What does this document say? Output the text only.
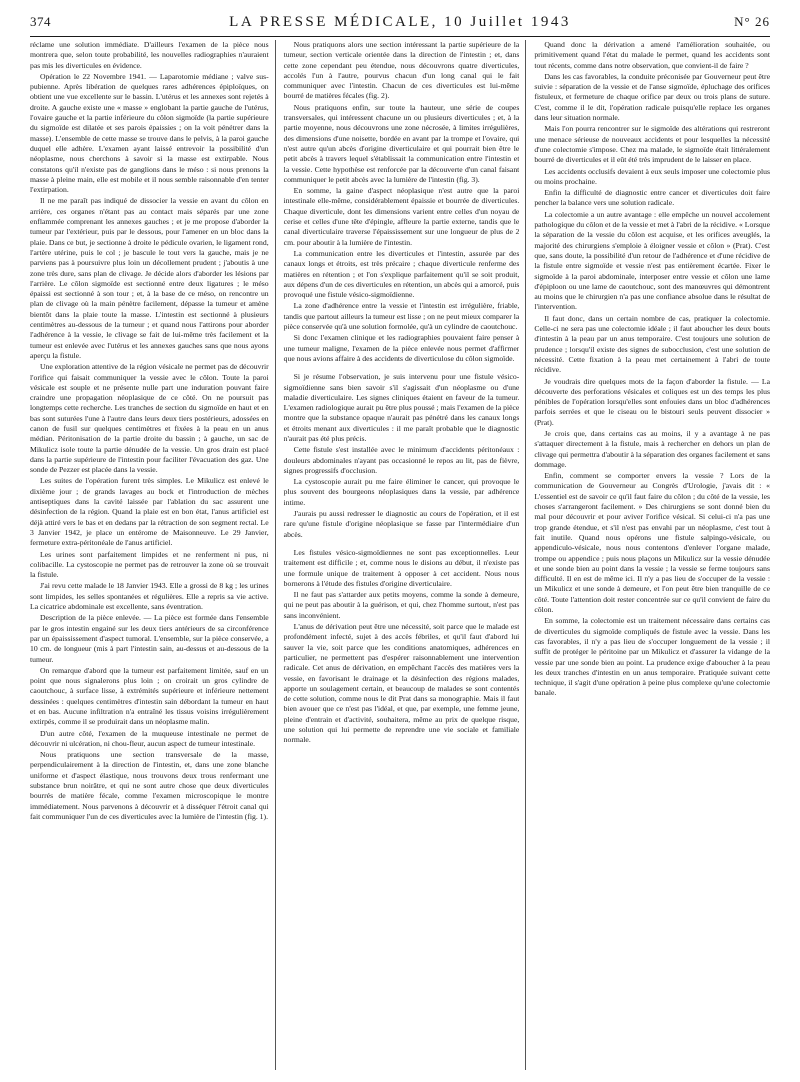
374	LA PRESSE MÉDICALE, 10 Juillet 1943	N° 26

réclame une solution immédiate. D'ailleurs l'examen de la pièce nous montrera que, selon toute probabilité, les nouvelles radiographies n'auraient pas mis les diverticules en évidence.

Opération le 22 Novembre 1941. — Laparotomie médiane ; valve sus-pubienne. Après libération de quelques rares adhérences épiploïques, on obtient une vue excellente sur le bassin. L'utérus et les annexes sont rejetés à droite. A gauche existe une « masse » englobant la partie gauche de l'utérus, l'ovaire gauche et la partie inférieure du côlon sigmoïde (la partie supérieure du sigmoïde est dilatée et ses parois épaissies ; on la voit pénétrer dans la masse). L'ensemble de cette masse se trouve dans le pelvis, à la paroi gauche duquel elle adhère. L'examen ayant laissé entrevoir la possibilité d'un néoplasme, nous cherchons à savoir si la masse est extirpable. Nous constatons qu'il n'existe pas de ganglions dans le méso : si nous prenons la masse à pleine main, elle est mobile et il nous semble raisonnable d'en tenter l'extirpation.

Il ne me paraît pas indiqué de dissocier la vessie en avant du côlon en arrière, ces organes n'étant pas au contact mais séparés par une zone enflammée comprenant les annexes gauches ; et je me propose d'aborder la tumeur par l'extérieur, puis par le dessous, pour l'amener en un bloc dans la plaie. Dans ce but, je sectionne à droite le pédicule ovarien, le ligament rond, l'artère utérine, puis le col ; je bascule le tout vers la gauche, mais je ne parviens pas à poursuivre plus loin un décollement prudent ; j'aboutis à une zone très dure, sans plan de clivage. Je décide alors d'aborder les lésions par l'arrière. Le côlon sigmoïde est sectionné entre deux ligatures ; le méso épaissi est sectionné à son tour ; et, à la base de ce méso, on rencontre un plan de clivage où la main pénètre facilement, dépasse la tumeur et amène bientôt dans la plaie toute la masse. L'intestin est sectionné à plusieurs centimètres au-dessous de la tumeur ; et quand nous l'attirons pour aborder l'adhérence à la vessie, le clivage se fait de lui-même très facilement et la tumeur est enlevée avec l'utérus et les annexes gauches sans que nous ayons aperçu la fistule.

Une exploration attentive de la région vésicale ne permet pas de découvrir l'orifice qui faisait communiquer la vessie avec le côlon. Toute la paroi vésicale est souple et ne présente nulle part une induration pouvant faire craindre une propagation néoplasique de ce côté. On ne poursuit pas longtemps cette recherche. Les tranches de section du sigmoïde en haut et en bas sont suturées l'une à l'autre dans leurs deux tiers postérieurs, adossées en canon de fusil sur quelques centimètres et fixées à la peau en un anus médian. Péritonisation de la partie droite du bassin ; à gauche, un sac de Mikulicz isole toute la partie dénudée de la vessie. Un gros drain est placé dans la partie supérieure de l'intestin pour faciliter l'évacuation des gaz. Une sonde de Pezzer est placée dans la vessie.

Les suites de l'opération furent très simples. Le Mikulicz est enlevé le dixième jour ; de grands lavages au bock et l'introduction de mèches antiseptiques dans la cavité laissée par l'ablation du sac assurent une désinfection de la région. Quand la plaie est en bon état, l'anus artificiel est déjà attiré vers le bas et en dedans par la rétraction de son segment rectal. Le 3 Janvier 1942, je place un entérome de Maisonneuve. Le 29 Janvier, fermeture extra-péritonéale de l'anus artificiel.

Les urines sont parfaitement limpides et ne renferment ni pus, ni colibacille. La cystoscopie ne permet pas de retrouver la zone où se trouvait la fistule.

J'ai revu cette malade le 18 Janvier 1943. Elle a grossi de 8 kg ; les urines sont limpides, les selles spontanées et régulières. Elle a repris sa vie active. La cicatrice abdominale est excellente, sans éventration.

Description de la pièce enlevée. — La pièce est formée dans l'ensemble par le gros intestin engainé sur les deux tiers antérieurs de sa circonférence par un épaississement d'aspect tumoral. L'ensemble, sur la pièce conservée, a 10 cm. de longueur (mis à part l'intestin sain, au-dessus et au-dessous de la tumeur.

On remarque d'abord que la tumeur est parfaitement limitée, sauf en un point que nous signalerons plus loin ; on croirait un gros cylindre de caoutchouc, à surface lisse, à extrémités supérieure et inférieure nettement dessinées : quelques centimètres d'intestin sain débordant la tumeur en haut et en bas. Aucune infiltration n'a entraîné les tissus voisins irrégulièrement extirpés, comme il se produirait dans un néoplasme malin.

D'un autre côté, l'examen de la muqueuse intestinale ne permet de découvrir ni ulcération, ni chou-fleur, aucun aspect de tumeur intestinale.

Nous pratiquons une section transversale de la masse, perpendiculairement à la direction de l'intestin, et, dans une zone blanche uniforme et d'aspect élastique, nous trouvons deux trous renfermant une substance brun noirâtre, et qui ne sont autre chose que deux diverticules bourrés de matière fécale, comme l'examen microscopique le montre immédiatement. Nous parvenons à découvrir et à disséquer l'étroit canal qui fait communiquer l'un de ces diverticules avec la lumière de l'intestin (fig. 1).

Nous pratiquons alors une section intéressant la partie supérieure de la tumeur, section verticale orientée dans la direction de l'intestin ; et, dans cette zone cependant peu étendue, nous découvrons quatre diverticules, accolés l'un à l'autre, pourvus chacun d'un long canal qui le fait communiquer avec l'intestin. Chacun de ces diverticules est lui-même bourré de matières fécales (fig. 2).

Nous pratiquons enfin, sur toute la hauteur, une série de coupes transversales, qui intéressent chacune un ou plusieurs diverticules ; et, à la partie moyenne, nous découvrons une zone nécrosée, à limites irrégulières, des dimensions d'une noisette, bordée en avant par la trompe et l'ovaire, qui n'est autre qu'un abcès d'origine diverticulaire et qui pourrait bien être le petit abcès à travers lequel s'établissait la communication entre l'intestin et la vessie. Cette hypothèse est renforcée par la découverte d'un canal faisant communiquer le petit abcès avec la lumière de l'intestin (fig. 3).

En somme, la gaine d'aspect néoplasique n'est autre que la paroi intestinale elle-même, considérablement épaissie et bourrée de diverticules. Chaque diverticule, dont les dimensions varient entre celles d'un noyau de cerise et celles d'une tête d'épingle, affleure la partie externe, tandis que le canal diverticulaire traverse l'épaississement sur une longueur de plus de 2 cm. pour aboutir à la lumière de l'intestin.

La communication entre les diverticules et l'intestin, assurée par des canaux longs et étroits, est très précaire ; chaque diverticule renferme des matières en rétention ; et l'on s'explique parfaitement qu'il se soit produit, aux dépens d'un de ces diverticules en rétention, un abcès qui a amorcé, puis provoqué une fistule vésico-sigmoïdienne.

La zone d'adhérence entre la vessie et l'intestin est irrégulière, friable, tandis que partout ailleurs la tumeur est lisse ; on ne peut mieux comparer la pièce conservée qu'à une solution formolée, qu'à un cylindre de caoutchouc.

Si donc l'examen clinique et les radiographies pouvaient faire penser à une tumeur maligne, l'examen de la pièce enlevée nous permet d'affirmer que nous avions affaire à des accidents de diverticulose du côlon sigmoïde.

Si je résume l'observation, je suis intervenu pour une fistule vésico-sigmoïdienne sans bien savoir s'il s'agissait d'un néoplasme ou d'une maladie diverticulaire. Les signes cliniques étaient en faveur de la tumeur. L'examen radiologique aurait pu être plus poussé ; mais l'examen de la pièce montre que la substance opaque n'aurait pas pénétré dans les canaux longs et étroits menant aux diverticules : il me paraît probable que le diagnostic n'aurait pas été plus précis.

Cette fistule s'est installée avec le minimum d'accidents péritonéaux : douleurs abdominales n'ayant pas occasionné le repos au lit, pas de fièvre, signes progressifs d'occlusion.

La cystoscopie aurait pu me faire éliminer le cancer, qui provoque le plus souvent des bourgeons néoplasiques dans la vessie, par adhérence intime.

J'aurais pu aussi redresser le diagnostic au cours de l'opération, et il est rare qu'une fistule d'origine néoplasique se fasse par l'intermédiaire d'un abcès.

Les fistules vésico-sigmoïdiennes ne sont pas exceptionnelles. Leur traitement est difficile ; et, comme nous le disions au début, il n'existe pas une formule unique de traitement à opposer à cet accident. Nous nous bornerons à l'étude des fistules d'origine diverticulaire.

Il ne faut pas s'attarder aux petits moyens, comme la sonde à demeure, qui ne peut pas aboutir à la guérison, et qui, chez l'homme surtout, n'est pas sans inconvénient.

L'anus de dérivation peut être une nécessité, soit parce que le malade est profondément infecté, sujet à des accès fébriles, et qu'il faut d'abord lui sauver la vie, soit parce que les conditions anatomiques, adhérences en particulier, ne permettent pas d'espérer raisonnablement une intervention radicale. Cet anus de dérivation, en empêchant l'accès des matières vers la vessie, en favorisant le drainage et la désinfection des régions malades, apporte un soulagement certain, et beaucoup de malades se sont contentés de cette solution, comme nous le dit Prat dans sa monographie. Mais il faut bien avouer que ce n'est pas l'idéal, et que, par exemple, une femme jeune, pleine d'entrain et d'activité, souhaitera, même au prix de quelque risque, une solution qui lui permette de reprendre une vie sociale et familiale normale.

Quand donc la dérivation a amené l'amélioration souhaitée, ou primitivement quand l'état du malade le permet, quand les accidents sont tout récents, comme dans notre observation, que convient-il de faire ?

Dans les cas favorables, la conduite préconisée par Gouverneur peut être suivie : séparation de la vessie et de l'anse sigmoïde, épluchage des orifices fistuleux, et fermeture de chaque orifice par deux ou trois plans de suture. C'est, comme il le dit, l'opération radicale puisqu'elle replace les organes dans leur situation normale.

Mais l'on pourra rencontrer sur le sigmoïde des altérations qui restreront une menace sérieuse de nouveaux accidents et pour lesquelles la nécessité d'une colectomie s'impose. Chez ma malade, le sigmoïde était littéralement bourré de diverticules et il eût été très imprudent de le laisser en place.

Les accidents occlusifs devaient à eux seuls imposer une colectomie plus ou moins prochaine.

Enfin la difficulté de diagnostic entre cancer et diverticules doit faire pencher la balance vers une solution radicale.

La colectomie a un autre avantage : elle empêche un nouvel accolement pathologique du côlon et de la vessie et met à l'abri de la récidive. « Lorsque la séparation de la vessie du côlon est acquise, et les orifices aveuglés, la majorité des chirurgiens s'emploie à éloigner vessie et côlon » (Prat). C'est que, sans doute, la possibilité d'un retour de l'adhérence et d'une récidive de la fistule entre sigmoïde et vessie n'est pas entièrement écartée. Fixer le sigmoïde à la paroi abdominale, interposer entre vessie et côlon une lame d'épiploon ou une lame de caoutchouc, sont des manœuvres qui démontrent au moins que le chirurgien n'a pas une confiance absolue dans le résultat de l'intervention.

Il faut donc, dans un certain nombre de cas, pratiquer la colectomie. Celle-ci ne sera pas une colectomie idéale ; il faut aboucher les deux bouts d'intestin à la peau par un anus temporaire. C'est toujours une solution de prudence ; lorsqu'il existe des signes de subocclusion, c'est une solution de nécessité. Cette fixation à la peau met certainement à l'abri de toute récidive.

Je voudrais dire quelques mots de la façon d'aborder la fistule. — La découverte des perforations vésicales et coliques est un des temps les plus pénibles de l'opération lorsqu'elles sont enfouies dans un bloc d'adhérences parfois serrées et que le ciseau ou le bistouri seuls peuvent dissocier » (Prat).

Je crois que, dans certains cas au moins, il y a avantage à ne pas s'attaquer directement à la fistule, mais à rechercher en dehors un plan de clivage qui permettra d'aboutir à la séparation des organes facilement et sans dommage.

Enfin, comment se comporter envers la vessie ? Lors de la communication de Gouverneur au Congrès d'Urologie, j'avais dit : « L'essentiel est de savoir ce qu'il faut faire du côlon ; du côté de la vessie, les choses s'arrangeront facilement. » Des chirurgiens se sont donné bien du mal pour découvrir et pour aviver l'orifice vésical. Si celui-ci n'a pas une trop grande étendue, et s'il n'est pas envahi par un néoplasme, c'est tout à fait inutile. Quand nous opérons une fistule salpingo-vésicale, ou appendiculo-vésicale, nous nous contentons d'enlever l'organe malade, trompe ou appendice ; puis nous plaçons un Mikulicz sur la vessie dénudée et une sonde bien au point dans la vessie ; la vessie se ferme toujours sans difficulté. Il en est de même ici. Il n'y a pas lieu de s'occuper de la vessie : un Mikulicz et une sonde à demeure, et l'on peut être bien tranquille de ce côté. Toute l'attention doit rester concentrée sur ce qu'il convient de faire du côlon.

En somme, la colectomie est un traitement nécessaire dans certains cas de diverticules du sigmoïde compliqués de fistule avec la vessie. Dans les cas favorables, il n'y a pas lieu de s'occuper longuement de la vessie ; il suffit de protéger le péritoine par un Mikulicz et d'assurer la vidange de la vessie par une sonde bien au point. La prudence exige d'aboucher à la peau les deux tranches d'intestin en un anus temporaire. Pratiquée suivant cette technique, il s'agit d'une opération à peine plus complexe qu'une colectomie banale.
